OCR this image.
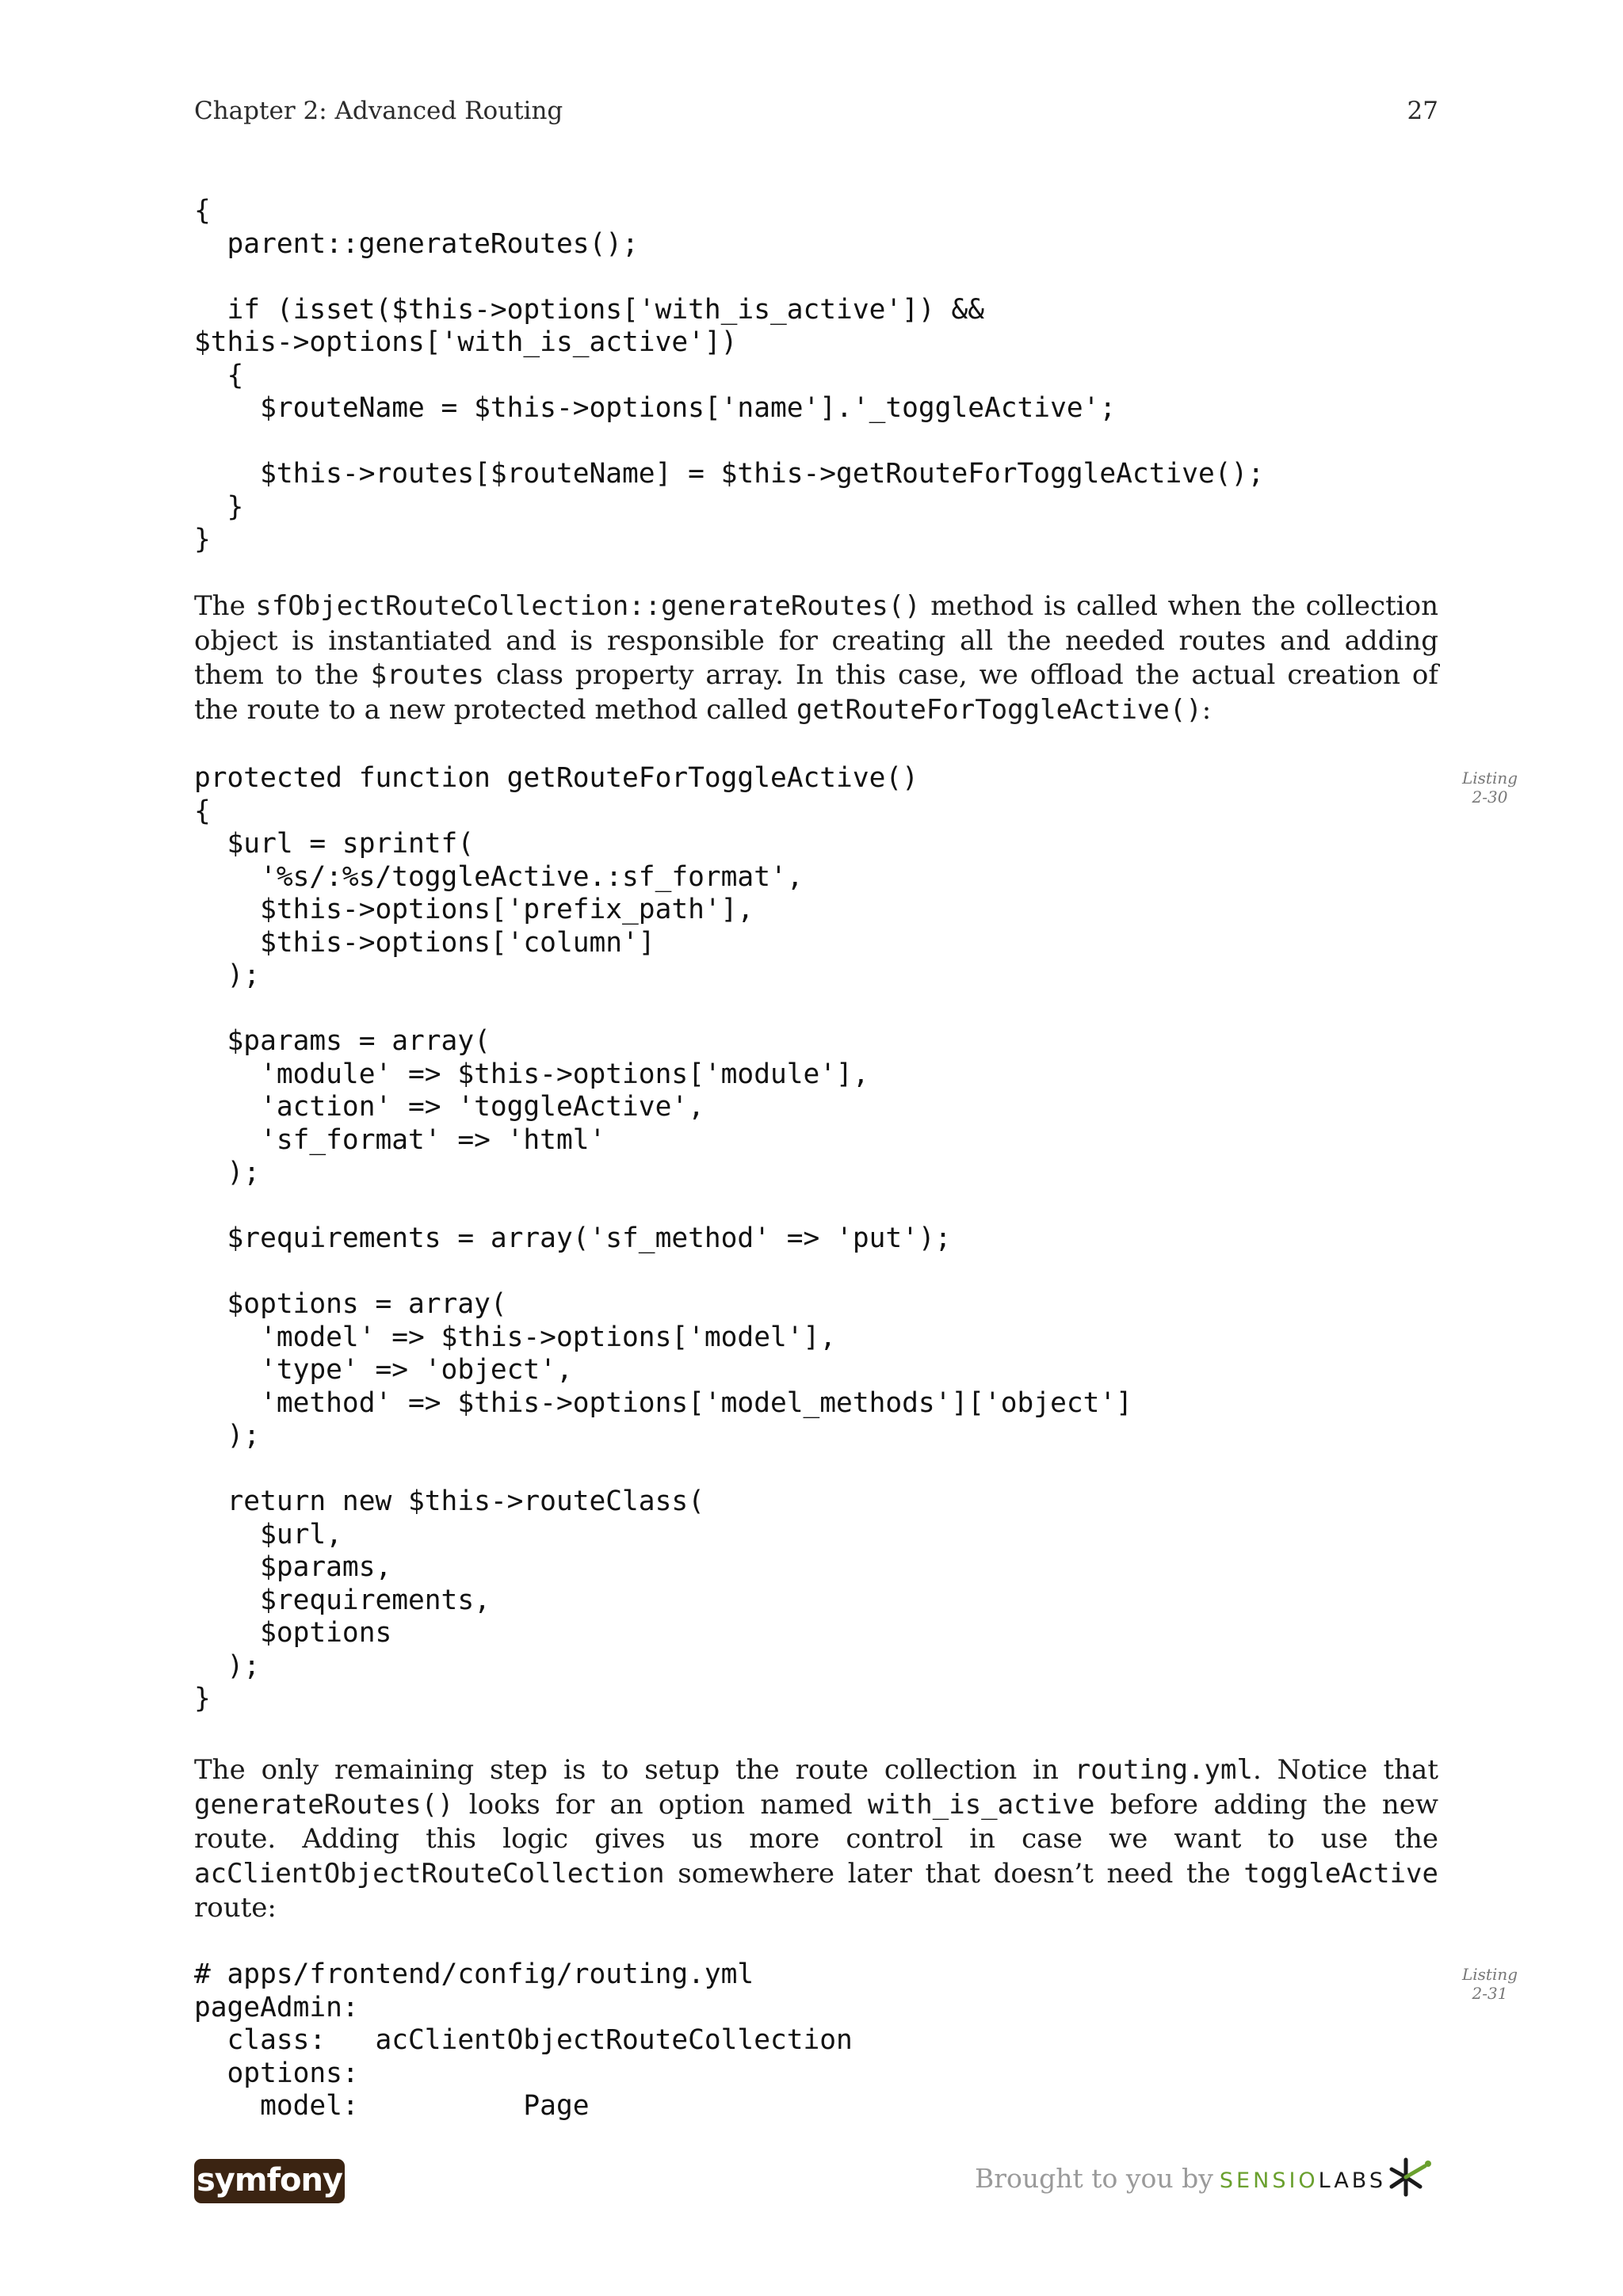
Chapter 2: Advanced Routing	27
{
parent::generateRoutes();

if (isset($this->options['with_is_active']) &&
$this->options['with_is_active'])
{
$routeName = $this->options['name'].'_toggleActive';

$this->routes[$routeName] = $this->getRouteForToggleActive();
}
}

The sfObjectRouteCollection::generateRoutes() method is called when the collection object is instantiated and is responsible for creating all the needed routes and adding them to the $routes class property array. In this case, we offload the actual creation of the route to a new protected method called getRouteForToggleActive():

Listing
2-30
protected function getRouteForToggleActive()
{
$url = sprintf(
'%s/:%s/toggleActive.:sf_format',
$this->options['prefix_path'],
$this->options['column']
);

$params = array(
'module' => $this->options['module'],
'action' => 'toggleActive',
'sf_format' => 'html'
);

$requirements = array('sf_method' => 'put');

$options = array(
'model' => $this->options['model'],
'type' => 'object',
'method' => $this->options['model_methods']['object']
);

return new $this->routeClass(
$url,
$params,
$requirements,
$options
);
}

The only remaining step is to setup the route collection in routing.yml. Notice that generateRoutes() looks for an option named with_is_active before adding the new route. Adding this logic gives us more control in case we want to use the acClientObjectRouteCollection somewhere later that doesn’t need the toggleActive route:

Listing
2-31
# apps/frontend/config/routing.yml
pageAdmin:
class:   acClientObjectRouteCollection
options:
model:          Page
symfony	Brought to you by SENSIOLABS
